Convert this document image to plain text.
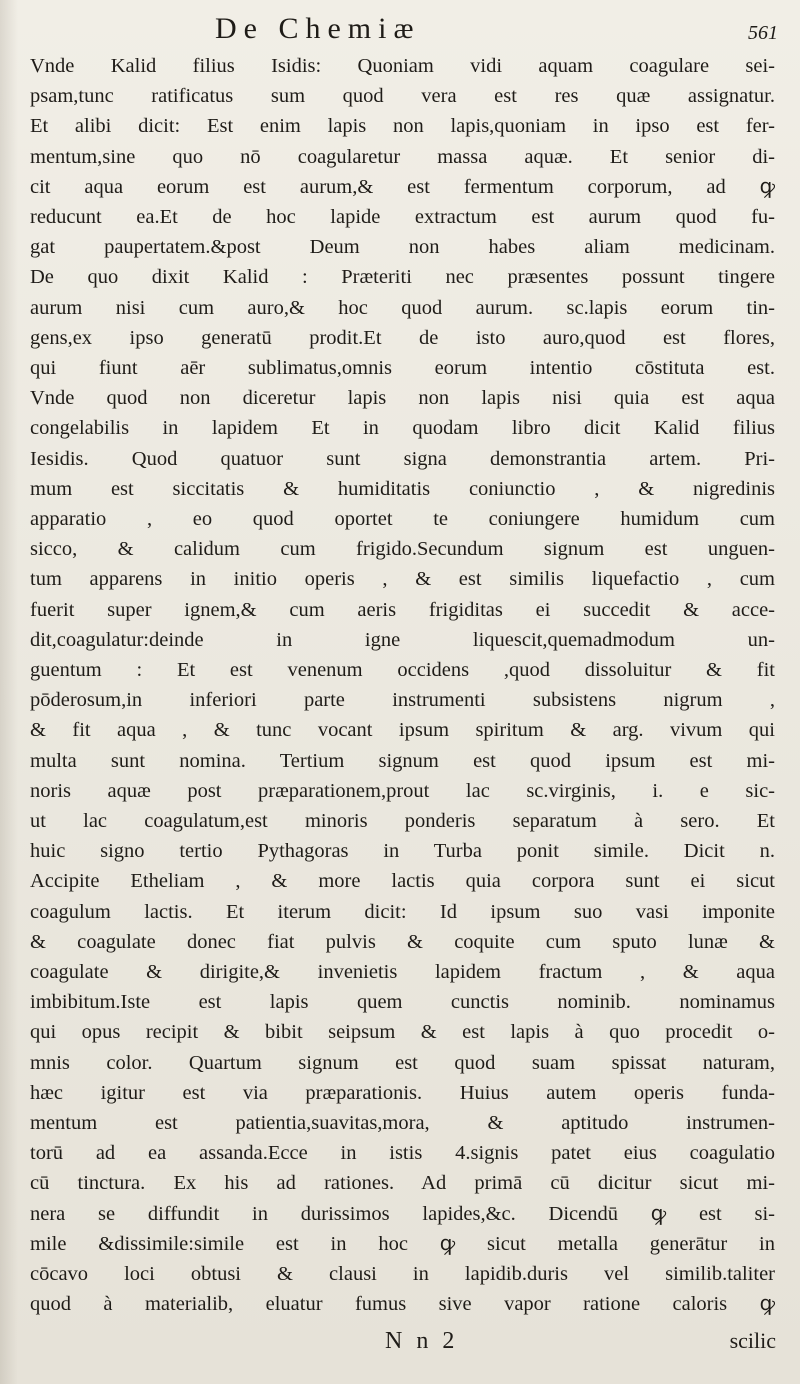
De Chemiæ	561
Vnde Kalid filius Isidis: Quoniam vidi aquam coagulare sei-
psam,tunc ratificatus sum quod vera est res quæ assignatur.
Et alibi dicit: Est enim lapis non lapis,quoniam in ipso est fer-
mentum,sine quo nō coagularetur massa aquæ. Et senior di-
cit aqua eorum est aurum,& est fermentum corporum, ad ꝙ
reducunt ea.Et de hoc lapide extractum est aurum quod fu-
gat paupertatem.&post Deum non habes aliam medicinam.
De quo dixit Kalid : Præteriti nec præsentes possunt tingere
aurum nisi cum auro,& hoc quod aurum. sc.lapis eorum tin-
gens,ex ipso generatū prodit.Et de isto auro,quod est flores,
qui fiunt aēr sublimatus,omnis eorum intentio cōstituta est.
Vnde quod non diceretur lapis non lapis nisi quia est aqua
congelabilis in lapidem Et in quodam libro dicit Kalid filius
Iesidis. Quod quatuor sunt signa demonstrantia artem. Pri-
mum est siccitatis & humiditatis coniunctio , & nigredinis
apparatio , eo quod oportet te coniungere humidum cum
sicco, & calidum cum frigido.Secundum signum est unguen-
tum apparens in initio operis , & est similis liquefactio , cum
fuerit super ignem,& cum aeris frigiditas ei succedit & acce-
dit,coagulatur:deinde in igne liquescit,quemadmodum un-
guentum : Et est venenum occidens ,quod dissoluitur & fit
pōderosum,in inferiori parte instrumenti subsistens nigrum ,
& fit aqua , & tunc vocant ipsum spiritum & arg. vivum qui
multa sunt nomina. Tertium signum est quod ipsum est mi-
noris aquæ post præparationem,prout lac sc.virginis, i. e sic-
ut lac coagulatum,est minoris ponderis separatum à sero. Et
huic signo tertio Pythagoras in Turba ponit simile. Dicit n.
Accipite Etheliam , & more lactis quia corpora sunt ei sicut
coagulum lactis. Et iterum dicit: Id ipsum suo vasi imponite
& coagulate donec fiat pulvis & coquite cum sputo lunæ &
coagulate & dirigite,& invenietis lapidem fractum , & aqua
imbibitum.Iste est lapis quem cunctis nominib. nominamus
qui opus recipit & bibit seipsum & est lapis à quo procedit o-
mnis color. Quartum signum est quod suam spissat naturam,
hæc igitur est via præparationis. Huius autem operis funda-
mentum est patientia,suavitas,mora, & aptitudo instrumen-
torū ad ea assanda.Ecce in istis 4.signis patet eius coagulatio
cū tinctura. Ex his ad rationes. Ad primā cū dicitur sicut mi-
nera se diffundit in durissimos lapides,&c. Dicendū ꝙ est si-
mile &dissimile:simile est in hoc ꝙ sicut metalla generātur in
cōcavo loci obtusi & clausi in lapidib.duris vel similib.taliter
quod à materialib, eluatur fumus sive vapor ratione caloris ꝙ
N n 2	scilic
